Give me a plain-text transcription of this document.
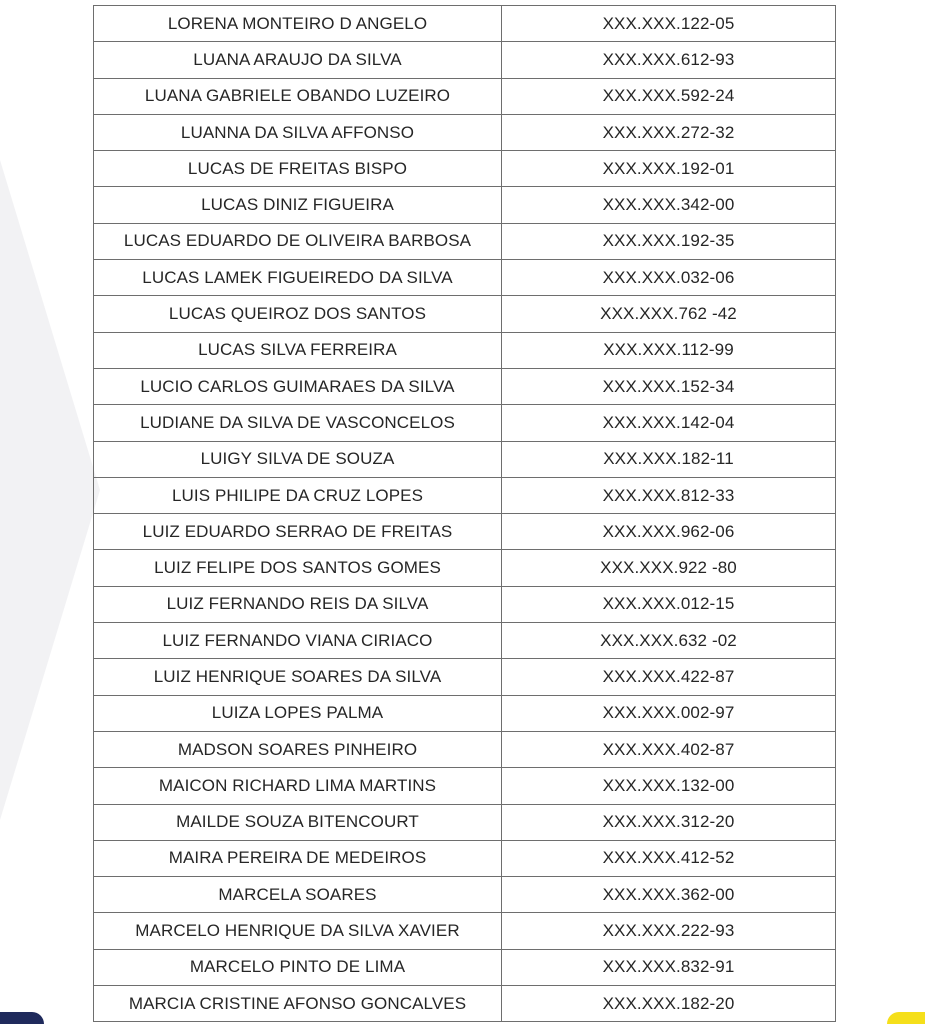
LORENA MONTEIRO D ANGELO	XXX.XXX.122-05
LUANA ARAUJO DA SILVA	XXX.XXX.612-93
LUANA GABRIELE OBANDO LUZEIRO	XXX.XXX.592-24
LUANNA DA SILVA AFFONSO	XXX.XXX.272-32
LUCAS DE FREITAS BISPO	XXX.XXX.192-01
LUCAS DINIZ FIGUEIRA	XXX.XXX.342-00
LUCAS EDUARDO DE OLIVEIRA BARBOSA	XXX.XXX.192-35
LUCAS LAMEK FIGUEIREDO DA SILVA	XXX.XXX.032-06
LUCAS QUEIROZ DOS SANTOS	XXX.XXX.762 -42
LUCAS SILVA FERREIRA	XXX.XXX.112-99
LUCIO CARLOS GUIMARAES DA SILVA	XXX.XXX.152-34
LUDIANE DA SILVA DE VASCONCELOS	XXX.XXX.142-04
LUIGY SILVA DE SOUZA	XXX.XXX.182-11
LUIS PHILIPE DA CRUZ LOPES	XXX.XXX.812-33
LUIZ EDUARDO SERRAO DE FREITAS	XXX.XXX.962-06
LUIZ FELIPE DOS SANTOS GOMES	XXX.XXX.922 -80
LUIZ FERNANDO REIS DA SILVA	XXX.XXX.012-15
LUIZ FERNANDO VIANA CIRIACO	XXX.XXX.632 -02
LUIZ HENRIQUE SOARES DA SILVA	XXX.XXX.422-87
LUIZA LOPES PALMA	XXX.XXX.002-97
MADSON SOARES PINHEIRO	XXX.XXX.402-87
MAICON RICHARD LIMA MARTINS	XXX.XXX.132-00
MAILDE SOUZA BITENCOURT	XXX.XXX.312-20
MAIRA PEREIRA DE MEDEIROS	XXX.XXX.412-52
MARCELA SOARES	XXX.XXX.362-00
MARCELO HENRIQUE DA SILVA XAVIER	XXX.XXX.222-93
MARCELO PINTO DE LIMA	XXX.XXX.832-91
MARCIA CRISTINE AFONSO GONCALVES	XXX.XXX.182-20
